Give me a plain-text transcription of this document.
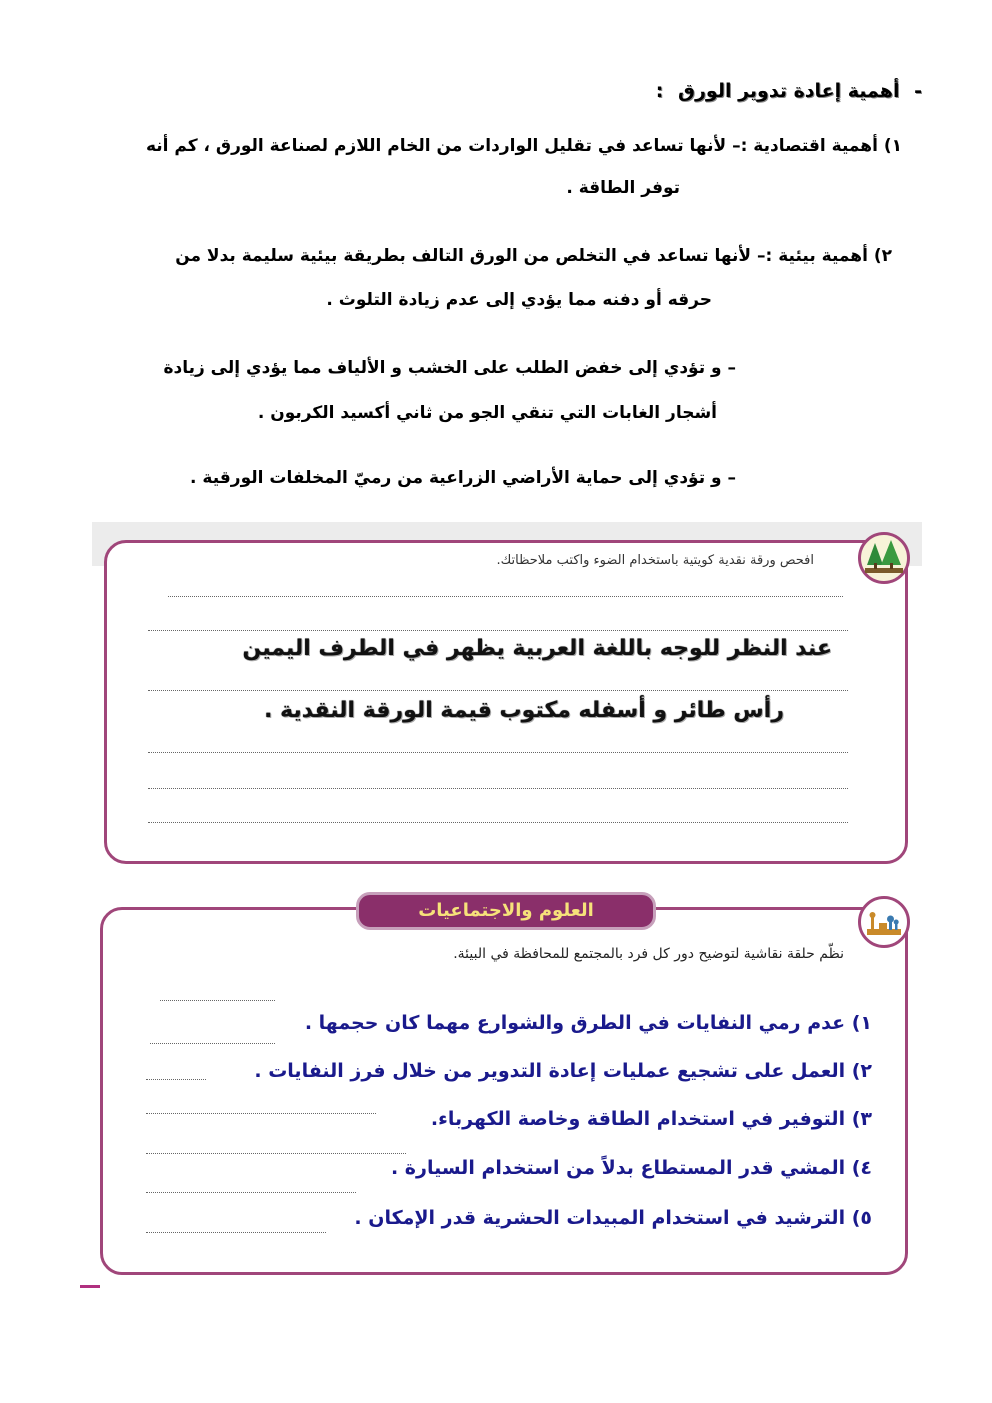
- أهمية إعادة تدوير الورق :
١) أهمية اقتصادية :– لأنها تساعد في تقليل الواردات من الخام اللازم لصناعة الورق ، كم أنه
توفر الطاقة .
٢) أهمية بيئية :– لأنها تساعد في التخلص من الورق التالف بطريقة بيئية سليمة بدلا من
حرقه أو دفنه مما يؤدي إلى عدم زيادة التلوث .
– و تؤدي إلى خفض الطلب على الخشب و الألياف مما يؤدي إلى زيادة
أشجار الغابات التي تنقي الجو من ثاني أكسيد الكربون .
– و تؤدي إلى حماية الأراضي الزراعية من رميّ المخلفات الورقية .
افحص ورقة نقدية كويتية باستخدام الضوء واكتب ملاحظاتك.
عند النظر للوجه باللغة العربية يظهر في الطرف اليمين
رأس طائر و أسفله مكتوب قيمة الورقة النقدية .
العلوم والاجتماعيات
نظّم حلقة نقاشية لتوضيح دور كل فرد بالمجتمع للمحافظة في البيئة.
١) عدم رمي النفايات في الطرق والشوارع مهما كان حجمها .
٢) العمل على تشجيع عمليات إعادة التدوير من خلال فرز النفايات .
٣) التوفير في استخدام الطاقة وخاصة الكهرباء.
٤) المشي قدر المستطاع بدلاً من استخدام السيارة .
٥) الترشيد في استخدام المبيدات الحشرية قدر الإمكان .
